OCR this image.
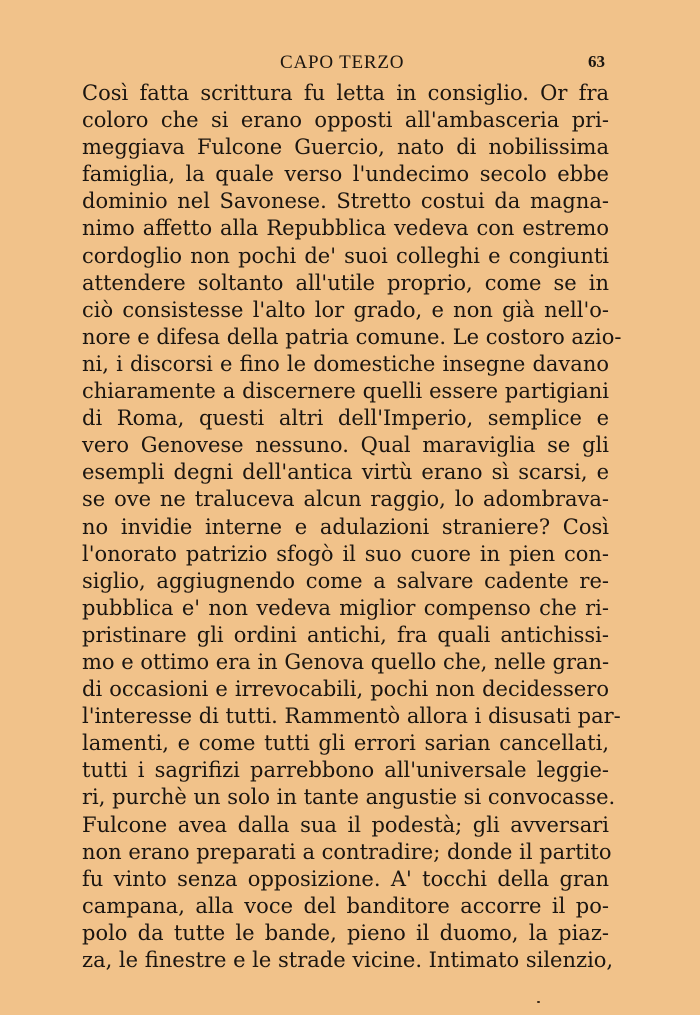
CAPO TERZO	63
Così fatta scrittura fu letta in consiglio. Or fra
coloro che si erano opposti all'ambasceria pri-
meggiava Fulcone Guercio, nato di nobilissima
famiglia, la quale verso l'undecimo secolo ebbe
dominio nel Savonese. Stretto costui da magna-
nimo affetto alla Repubblica vedeva con estremo
cordoglio non pochi de' suoi colleghi e congiunti
attendere soltanto all'utile proprio, come se in
ciò consistesse l'alto lor grado, e non già nell'o-
nore e difesa della patria comune. Le costoro azio-
ni, i discorsi e fino le domestiche insegne davano
chiaramente a discernere quelli essere partigiani
di Roma, questi altri dell'Imperio, semplice e
vero Genovese nessuno. Qual maraviglia se gli
esempli degni dell'antica virtù erano sì scarsi, e
se ove ne traluceva alcun raggio, lo adombrava-
no invidie interne e adulazioni straniere? Così
l'onorato patrizio sfogò il suo cuore in pien con-
siglio, aggiugnendo come a salvare cadente re-
pubblica e' non vedeva miglior compenso che ri-
pristinare gli ordini antichi, fra quali antichissi-
mo e ottimo era in Genova quello che, nelle gran-
di occasioni e irrevocabili, pochi non decidessero
l'interesse di tutti. Rammentò allora i disusati par-
lamenti, e come tutti gli errori sarian cancellati,
tutti i sagrifizi parrebbono all'universale leggie-
ri, purchè un solo in tante angustie si convocasse.
Fulcone avea dalla sua il podestà; gli avversari
non erano preparati a contradire; donde il partito
fu vinto senza opposizione. A' tocchi della gran
campana, alla voce del banditore accorre il po-
polo da tutte le bande, pieno il duomo, la piaz-
za, le finestre e le strade vicine. Intimato silenzio,
